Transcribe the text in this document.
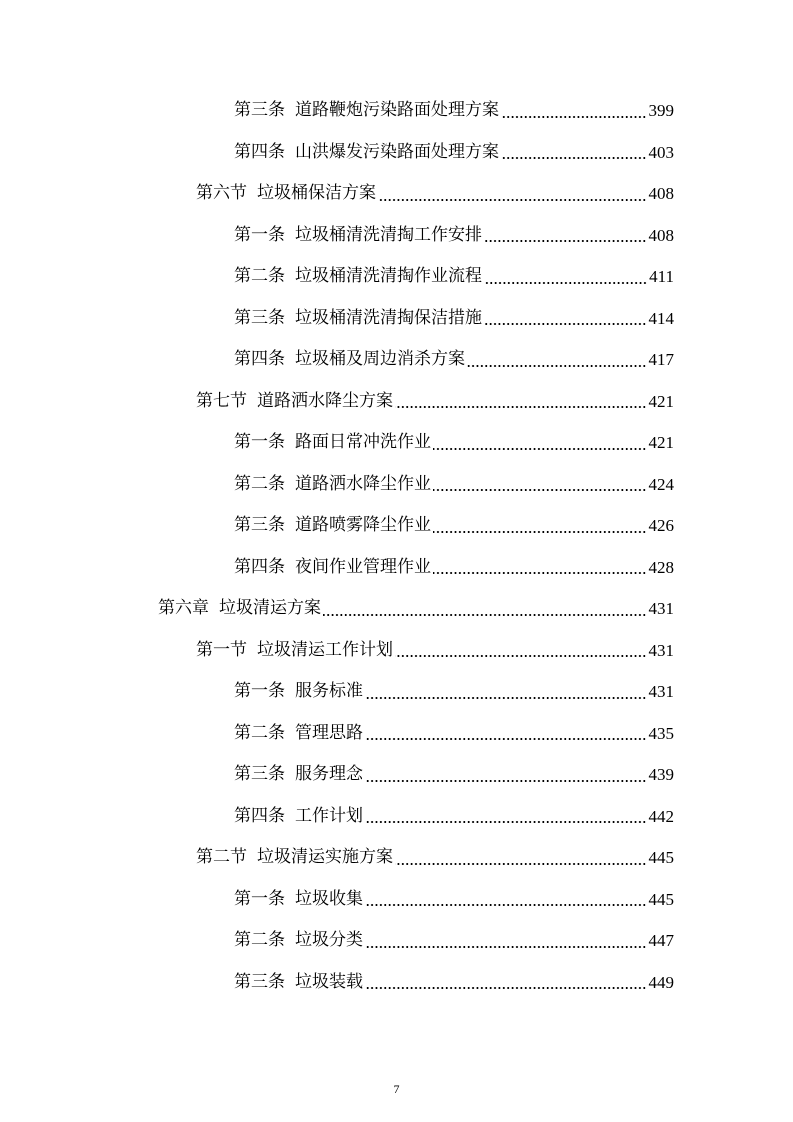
第三条 道路鞭炮污染路面处理方案	399
第四条 山洪爆发污染路面处理方案	403
第六节 垃圾桶保洁方案	408
第一条 垃圾桶清洗清掏工作安排	408
第二条 垃圾桶清洗清掏作业流程	411
第三条 垃圾桶清洗清掏保洁措施	414
第四条 垃圾桶及周边消杀方案	417
第七节 道路洒水降尘方案	421
第一条 路面日常冲洗作业	421
第二条 道路洒水降尘作业	424
第三条 道路喷雾降尘作业	426
第四条 夜间作业管理作业	428
第六章 垃圾清运方案	431
第一节 垃圾清运工作计划	431
第一条 服务标准	431
第二条 管理思路	435
第三条 服务理念	439
第四条 工作计划	442
第二节 垃圾清运实施方案	445
第一条 垃圾收集	445
第二条 垃圾分类	447
第三条 垃圾装载	449
7
